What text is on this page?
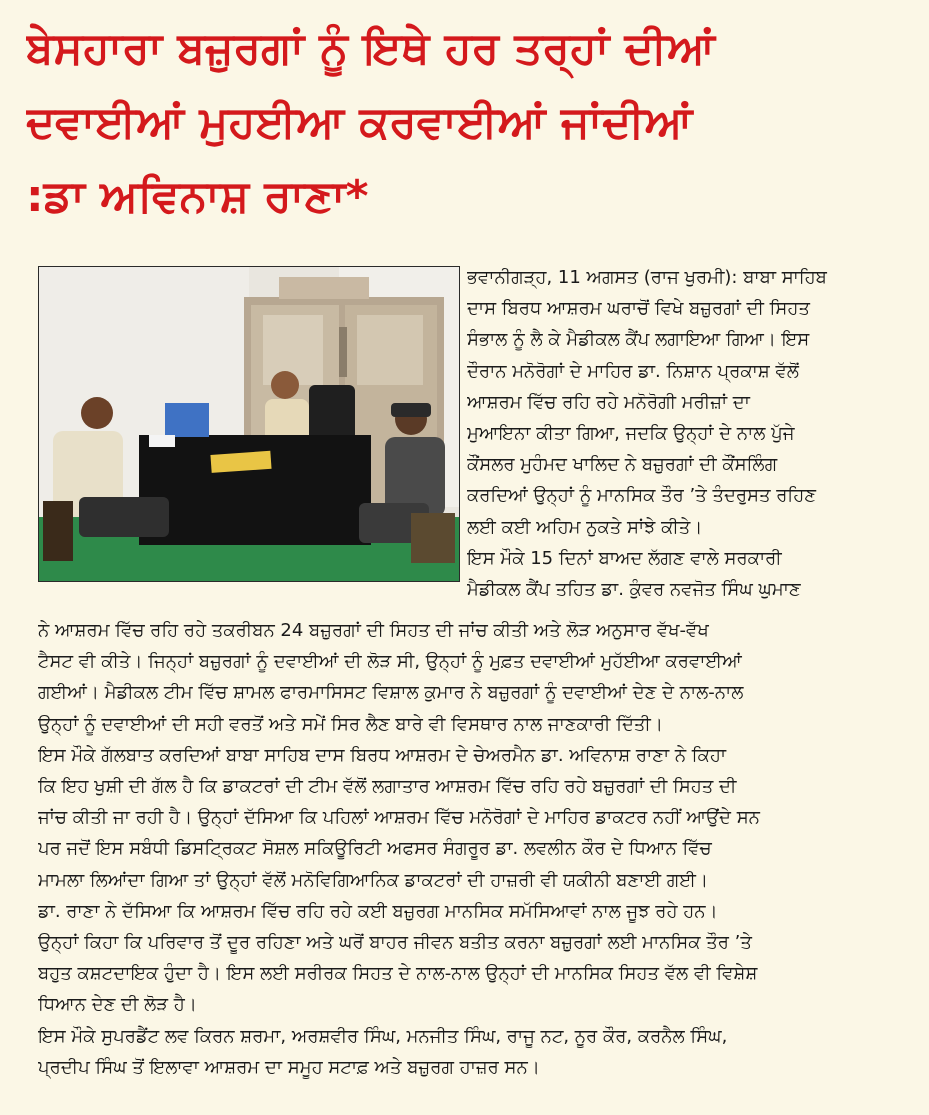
ਬੇਸਹਾਰਾ ਬਜ਼ੁਰਗਾਂ ਨੂੰ ਇਥੇ ਹਰ ਤਰ੍ਹਾਂ ਦੀਆਂ
ਦਵਾਈਆਂ ਮੁਹਈਆ ਕਰਵਾਈਆਂ ਜਾਂਦੀਆਂ
:ਡਾ ਅਵਿਨਾਸ਼ ਰਾਣਾ*
ਭਵਾਨੀਗੜ੍ਹ, 11 ਅਗਸਤ (ਰਾਜ ਖੁਰਮੀ): ਬਾਬਾ ਸਾਹਿਬ
ਦਾਸ ਬਿਰਧ ਆਸ਼ਰਮ ਘਰਾਚੋਂ ਵਿਖੇ ਬਜ਼ੁਰਗਾਂ ਦੀ ਸਿਹਤ
ਸੰਭਾਲ ਨੂੰ ਲੈ ਕੇ ਮੈਡੀਕਲ ਕੈਂਪ ਲਗਾਇਆ ਗਿਆ। ਇਸ
ਦੌਰਾਨ ਮਨੋਰੋਗਾਂ ਦੇ ਮਾਹਿਰ ਡਾ. ਨਿਸ਼ਾਨ ਪ੍ਰਕਾਸ਼ ਵੱਲੋਂ
ਆਸ਼ਰਮ ਵਿੱਚ ਰਹਿ ਰਹੇ ਮਨੋਰੋਗੀ ਮਰੀਜ਼ਾਂ ਦਾ
ਮੁਆਇਨਾ ਕੀਤਾ ਗਿਆ, ਜਦਕਿ ਉਨ੍ਹਾਂ ਦੇ ਨਾਲ ਪੁੱਜੇ
ਕੌਂਸਲਰ ਮੁਹੰਮਦ ਖਾਲਿਦ ਨੇ ਬਜ਼ੁਰਗਾਂ ਦੀ ਕੌਂਸਲਿੰਗ
ਕਰਦਿਆਂ ਉਨ੍ਹਾਂ ਨੂੰ ਮਾਨਸਿਕ ਤੌਰ ’ਤੇ ਤੰਦਰੁਸਤ ਰਹਿਣ
ਲਈ ਕਈ ਅਹਿਮ ਨੁਕਤੇ ਸਾਂਝੇ ਕੀਤੇ।
ਇਸ ਮੌਕੇ 15 ਦਿਨਾਂ ਬਾਅਦ ਲੱਗਣ ਵਾਲੇ ਸਰਕਾਰੀ
ਮੈਡੀਕਲ ਕੈਂਪ ਤਹਿਤ ਡਾ. ਕੁੰਵਰ ਨਵਜੋਤ ਸਿੰਘ ਘੁਮਾਣ
ਨੇ ਆਸ਼ਰਮ ਵਿੱਚ ਰਹਿ ਰਹੇ ਤਕਰੀਬਨ 24 ਬਜ਼ੁਰਗਾਂ ਦੀ ਸਿਹਤ ਦੀ ਜਾਂਚ ਕੀਤੀ ਅਤੇ ਲੋੜ ਅਨੁਸਾਰ ਵੱਖ-ਵੱਖ
ਟੈਸਟ ਵੀ ਕੀਤੇ। ਜਿਨ੍ਹਾਂ ਬਜ਼ੁਰਗਾਂ ਨੂੰ ਦਵਾਈਆਂ ਦੀ ਲੋੜ ਸੀ, ਉਨ੍ਹਾਂ ਨੂੰ ਮੁਫ਼ਤ ਦਵਾਈਆਂ ਮੁਹੱਈਆ ਕਰਵਾਈਆਂ
ਗਈਆਂ। ਮੈਡੀਕਲ ਟੀਮ ਵਿੱਚ ਸ਼ਾਮਲ ਫਾਰਮਾਸਿਸਟ ਵਿਸ਼ਾਲ ਕੁਮਾਰ ਨੇ ਬਜ਼ੁਰਗਾਂ ਨੂੰ ਦਵਾਈਆਂ ਦੇਣ ਦੇ ਨਾਲ-ਨਾਲ
ਉਨ੍ਹਾਂ ਨੂੰ ਦਵਾਈਆਂ ਦੀ ਸਹੀ ਵਰਤੋਂ ਅਤੇ ਸਮੇਂ ਸਿਰ ਲੈਣ ਬਾਰੇ ਵੀ ਵਿਸਥਾਰ ਨਾਲ ਜਾਣਕਾਰੀ ਦਿੱਤੀ।
ਇਸ ਮੌਕੇ ਗੱਲਬਾਤ ਕਰਦਿਆਂ ਬਾਬਾ ਸਾਹਿਬ ਦਾਸ ਬਿਰਧ ਆਸ਼ਰਮ ਦੇ ਚੇਅਰਮੈਨ ਡਾ. ਅਵਿਨਾਸ਼ ਰਾਣਾ ਨੇ ਕਿਹਾ
ਕਿ ਇਹ ਖੁਸ਼ੀ ਦੀ ਗੱਲ ਹੈ ਕਿ ਡਾਕਟਰਾਂ ਦੀ ਟੀਮ ਵੱਲੋਂ ਲਗਾਤਾਰ ਆਸ਼ਰਮ ਵਿੱਚ ਰਹਿ ਰਹੇ ਬਜ਼ੁਰਗਾਂ ਦੀ ਸਿਹਤ ਦੀ
ਜਾਂਚ ਕੀਤੀ ਜਾ ਰਹੀ ਹੈ। ਉਨ੍ਹਾਂ ਦੱਸਿਆ ਕਿ ਪਹਿਲਾਂ ਆਸ਼ਰਮ ਵਿੱਚ ਮਨੋਰੋਗਾਂ ਦੇ ਮਾਹਿਰ ਡਾਕਟਰ ਨਹੀਂ ਆਉਂਦੇ ਸਨ
ਪਰ ਜਦੋਂ ਇਸ ਸਬੰਧੀ ਡਿਸਟ੍ਰਿਕਟ ਸੋਸ਼ਲ ਸਕਿਊਰਿਟੀ ਅਫਸਰ ਸੰਗਰੂਰ ਡਾ. ਲਵਲੀਨ ਕੌਰ ਦੇ ਧਿਆਨ ਵਿੱਚ
ਮਾਮਲਾ ਲਿਆਂਦਾ ਗਿਆ ਤਾਂ ਉਨ੍ਹਾਂ ਵੱਲੋਂ ਮਨੋਵਿਗਿਆਨਿਕ ਡਾਕਟਰਾਂ ਦੀ ਹਾਜ਼ਰੀ ਵੀ ਯਕੀਨੀ ਬਣਾਈ ਗਈ।
ਡਾ. ਰਾਣਾ ਨੇ ਦੱਸਿਆ ਕਿ ਆਸ਼ਰਮ ਵਿੱਚ ਰਹਿ ਰਹੇ ਕਈ ਬਜ਼ੁਰਗ ਮਾਨਸਿਕ ਸਮੱਸਿਆਵਾਂ ਨਾਲ ਜੂਝ ਰਹੇ ਹਨ।
ਉਨ੍ਹਾਂ ਕਿਹਾ ਕਿ ਪਰਿਵਾਰ ਤੋਂ ਦੂਰ ਰਹਿਣਾ ਅਤੇ ਘਰੋਂ ਬਾਹਰ ਜੀਵਨ ਬਤੀਤ ਕਰਨਾ ਬਜ਼ੁਰਗਾਂ ਲਈ ਮਾਨਸਿਕ ਤੌਰ ’ਤੇ
ਬਹੁਤ ਕਸ਼ਟਦਾਇਕ ਹੁੰਦਾ ਹੈ। ਇਸ ਲਈ ਸਰੀਰਕ ਸਿਹਤ ਦੇ ਨਾਲ-ਨਾਲ ਉਨ੍ਹਾਂ ਦੀ ਮਾਨਸਿਕ ਸਿਹਤ ਵੱਲ ਵੀ ਵਿਸ਼ੇਸ਼
ਧਿਆਨ ਦੇਣ ਦੀ ਲੋੜ ਹੈ।
ਇਸ ਮੌਕੇ ਸੁਪਰਡੈਂਟ ਲਵ ਕਿਰਨ ਸ਼ਰਮਾ, ਅਰਸ਼ਵੀਰ ਸਿੰਘ, ਮਨਜੀਤ ਸਿੰਘ, ਰਾਜੂ ਨਟ, ਨੂਰ ਕੌਰ, ਕਰਨੈਲ ਸਿੰਘ,
ਪ੍ਰਦੀਪ ਸਿੰਘ ਤੋਂ ਇਲਾਵਾ ਆਸ਼ਰਮ ਦਾ ਸਮੂਹ ਸਟਾਫ਼ ਅਤੇ ਬਜ਼ੁਰਗ ਹਾਜ਼ਰ ਸਨ।
